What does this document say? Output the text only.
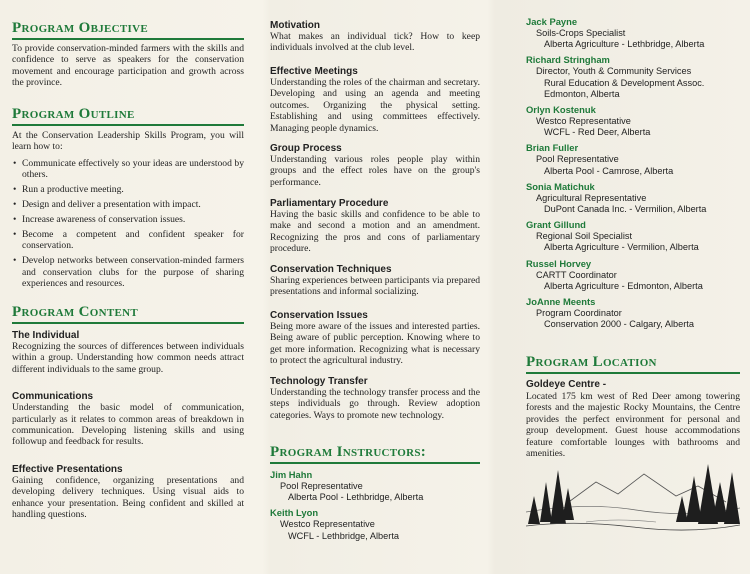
Program Objective

To provide conservation-minded farmers with the skills and confidence to serve as speakers for the conservation movement and encourage participation and growth across the province.

Program Outline

At the Conservation Leadership Skills Program, you will learn how to:

• Communicate effectively so your ideas are understood by others.
• Run a productive meeting.
• Design and deliver a presentation with impact.
• Increase awareness of conservation issues.
• Become a competent and confident speaker for conservation.
• Develop networks between conservation-minded farmers and conservation clubs for the purpose of sharing experiences and resources.
Program Content
The Individual

Recognizing the sources of differences between individuals within a group. Understanding how common needs attract different individuals to the same group.

Communications

Understanding the basic model of communication, particularly as it relates to common areas of breakdown in communication. Developing listening skills and using followup and feedback for results.

Effective Presentations

Gaining confidence, organizing presentations and developing delivery techniques. Using visual aids to enhance your presentation. Being confident and skilled at handling questions.

Motivation

What makes an individual tick? How to keep individuals involved at the club level.

Effective Meetings

Understanding the roles of the chairman and secretary. Developing and using an agenda and meeting outcomes. Organizing the physical setting. Establishing and using committees effectively. Managing people dynamics.

Group Process

Understanding various roles people play within groups and the effect roles have on the group's performance.

Parliamentary Procedure

Having the basic skills and confidence to be able to make and second a motion and an amendment. Recognizing the pros and cons of parliamentary procedure.

Conservation Techniques

Sharing experiences between participants via prepared presentations and informal socializing.

Conservation Issues

Being more aware of the issues and interested parties. Being aware of public perception. Knowing where to get more information. Recognizing what is necessary to protect the agricultural industry.

Technology Transfer

Understanding the technology transfer process and the steps individuals go through. Review adoption categories. Ways to promote new technology.

Program Instructors:
Jim Hahn
Pool Representative
Alberta Pool - Lethbridge, Alberta
Keith Lyon
Westco Representative
WCFL - Lethbridge, Alberta
Jack Payne
Soils-Crops Specialist
Alberta Agriculture - Lethbridge, Alberta
Richard Stringham
Director, Youth & Community Services
Rural Education & Development Assoc.
Edmonton, Alberta
Orlyn Kostenuk
Westco Representative
WCFL - Red Deer, Alberta
Brian Fuller
Pool Representative
Alberta Pool - Camrose, Alberta
Sonia Matichuk
Agricultural Representative
DuPont Canada Inc. - Vermilion, Alberta
Grant Gillund
Regional Soil Specialist
Alberta Agriculture - Vermilion, Alberta
Russel Horvey
CARTT Coordinator
Alberta Agriculture - Edmonton, Alberta
JoAnne Meents
Program Coordinator
Conservation 2000 - Calgary, Alberta
Program Location
Goldeye Centre -

Located 175 km west of Red Deer among towering forests and the majestic Rocky Mountains, the Centre provides the perfect environment for personal and group development. Guest house accommodations feature comfortable lounges with bathrooms and amenities.
